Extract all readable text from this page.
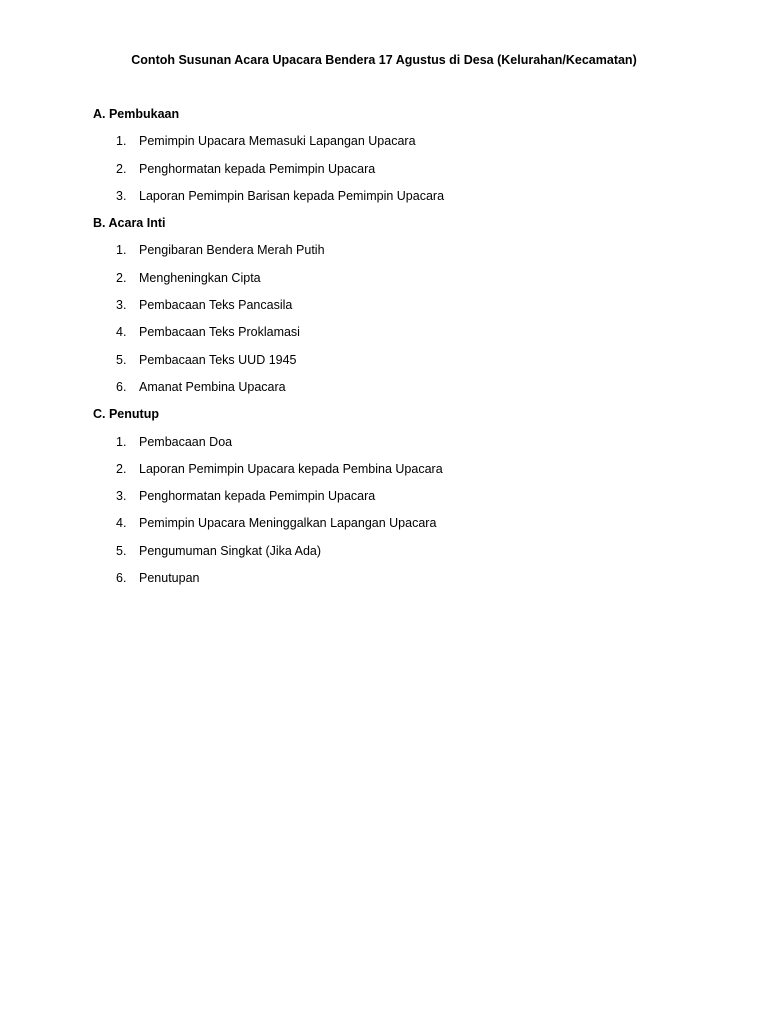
Contoh Susunan Acara Upacara Bendera 17 Agustus di Desa (Kelurahan/Kecamatan)
A. Pembukaan
1. Pemimpin Upacara Memasuki Lapangan Upacara
2. Penghormatan kepada Pemimpin Upacara
3. Laporan Pemimpin Barisan kepada Pemimpin Upacara
B. Acara Inti
1. Pengibaran Bendera Merah Putih
2. Mengheningkan Cipta
3. Pembacaan Teks Pancasila
4. Pembacaan Teks Proklamasi
5. Pembacaan Teks UUD 1945
6. Amanat Pembina Upacara
C. Penutup
1. Pembacaan Doa
2. Laporan Pemimpin Upacara kepada Pembina Upacara
3. Penghormatan kepada Pemimpin Upacara
4. Pemimpin Upacara Meninggalkan Lapangan Upacara
5. Pengumuman Singkat (Jika Ada)
6. Penutupan
